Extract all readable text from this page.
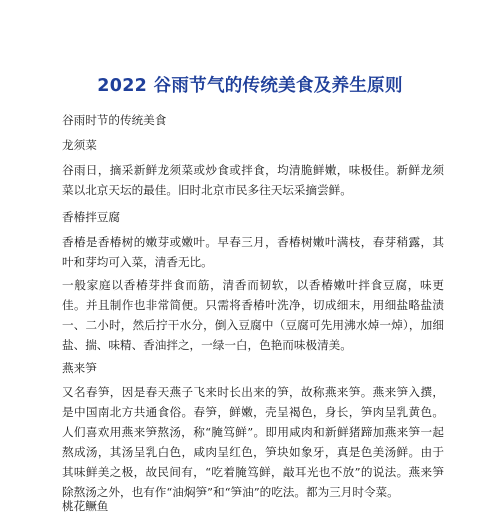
2022 谷雨节气的传统美食及养生原则

谷雨时节的传统美食

龙须菜

谷雨日，摘采新鲜龙须菜或炒食或拌食，均清脆鲜嫩，味极佳。新鲜龙须菜以北京天坛的最佳。旧时北京市民多往天坛采摘尝鲜。

香椿拌豆腐

香椿是香椿树的嫩芽或嫩叶。早春三月，香椿树嫩叶满枝，春芽稍露，其叶和芽均可入菜，清香无比。

一般家庭以香椿芽拌食而筋，清香而韧软，以香椿嫩叶拌食豆腐，味更佳。并且制作也非常简便。只需将香椿叶洗净，切成细末，用细盐略盐渍一、二小时，然后拧干水分，倒入豆腐中（豆腐可先用沸水焯一焯），加细盐、揣、味精、香油拌之，一绿一白，色艳而味极清美。

燕来笋

又名春笋，因是春天燕子飞来时长出来的笋，故称燕来笋。燕来笋入撰，是中国南北方共通食俗。春笋，鲜嫩，壳呈褐色，身长，笋肉呈乳黄色。人们喜欢用燕来笋熬汤，称“腌笃鲜”。即用咸肉和新鲜猪蹄加燕来笋一起熬成汤，其汤呈乳白色，咸肉呈红色，笋块如象牙，真是色美汤鲜。由于其味鲜美之极，故民间有，“吃着腌笃鲜，敲耳光也不放”的说法。燕来笋除熬汤之外，也有作“油焖笋”和“笋油”的吃法。都为三月时令菜。

桃花鳜鱼
